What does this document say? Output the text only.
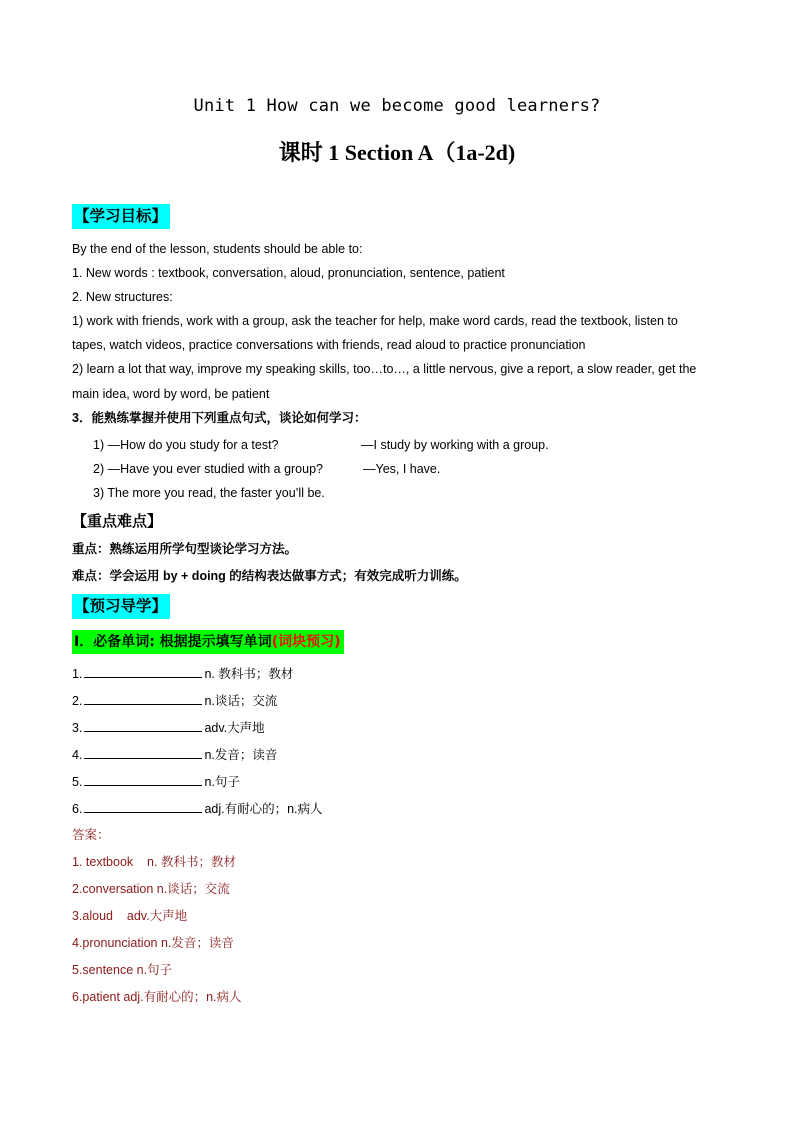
Unit 1 How can we become good learners?
课时 1 Section A（1a-2d)
【学习目标】
By the end of the lesson, students should be able to:
1. New words : textbook, conversation, aloud, pronunciation, sentence, patient
2. New structures:
1) work with friends, work with a group, ask the teacher for help, make word cards, read the textbook, listen to
tapes, watch videos, practice conversations with friends, read aloud to practice pronunciation
2) learn a lot that way, improve my speaking skills, too…to…, a little nervous, give a report, a slow reader, get the
main idea, word by word, be patient
3．能熟练掌握并使用下列重点句式，谈论如何学习：
1) —How do you study for a test?	—I study by working with a group.
2) —Have you ever studied with a group?	—Yes, I have.
3) The more you read, the faster you’ll be.
【重点难点】
重点：熟练运用所学句型谈论学习方法。
难点：学会运用 by + doing 的结构表达做事方式；有效完成听力训练。
【预习导学】
Ⅰ．必备单词: 根据提示填写单词(词块预习)
1.	n. 教科书；教材
2.	n.谈话；交流
3.	adv.大声地
4.	n.发音；读音
5.	n.句子
6.	adj.有耐心的；n.病人
答案：
1. textbook    n. 教科书；教材
2.conversation n.谈话；交流
3.aloud    adv.大声地
4.pronunciation n.发音；读音
5.sentence n.句子
6.patient adj.有耐心的；n.病人
